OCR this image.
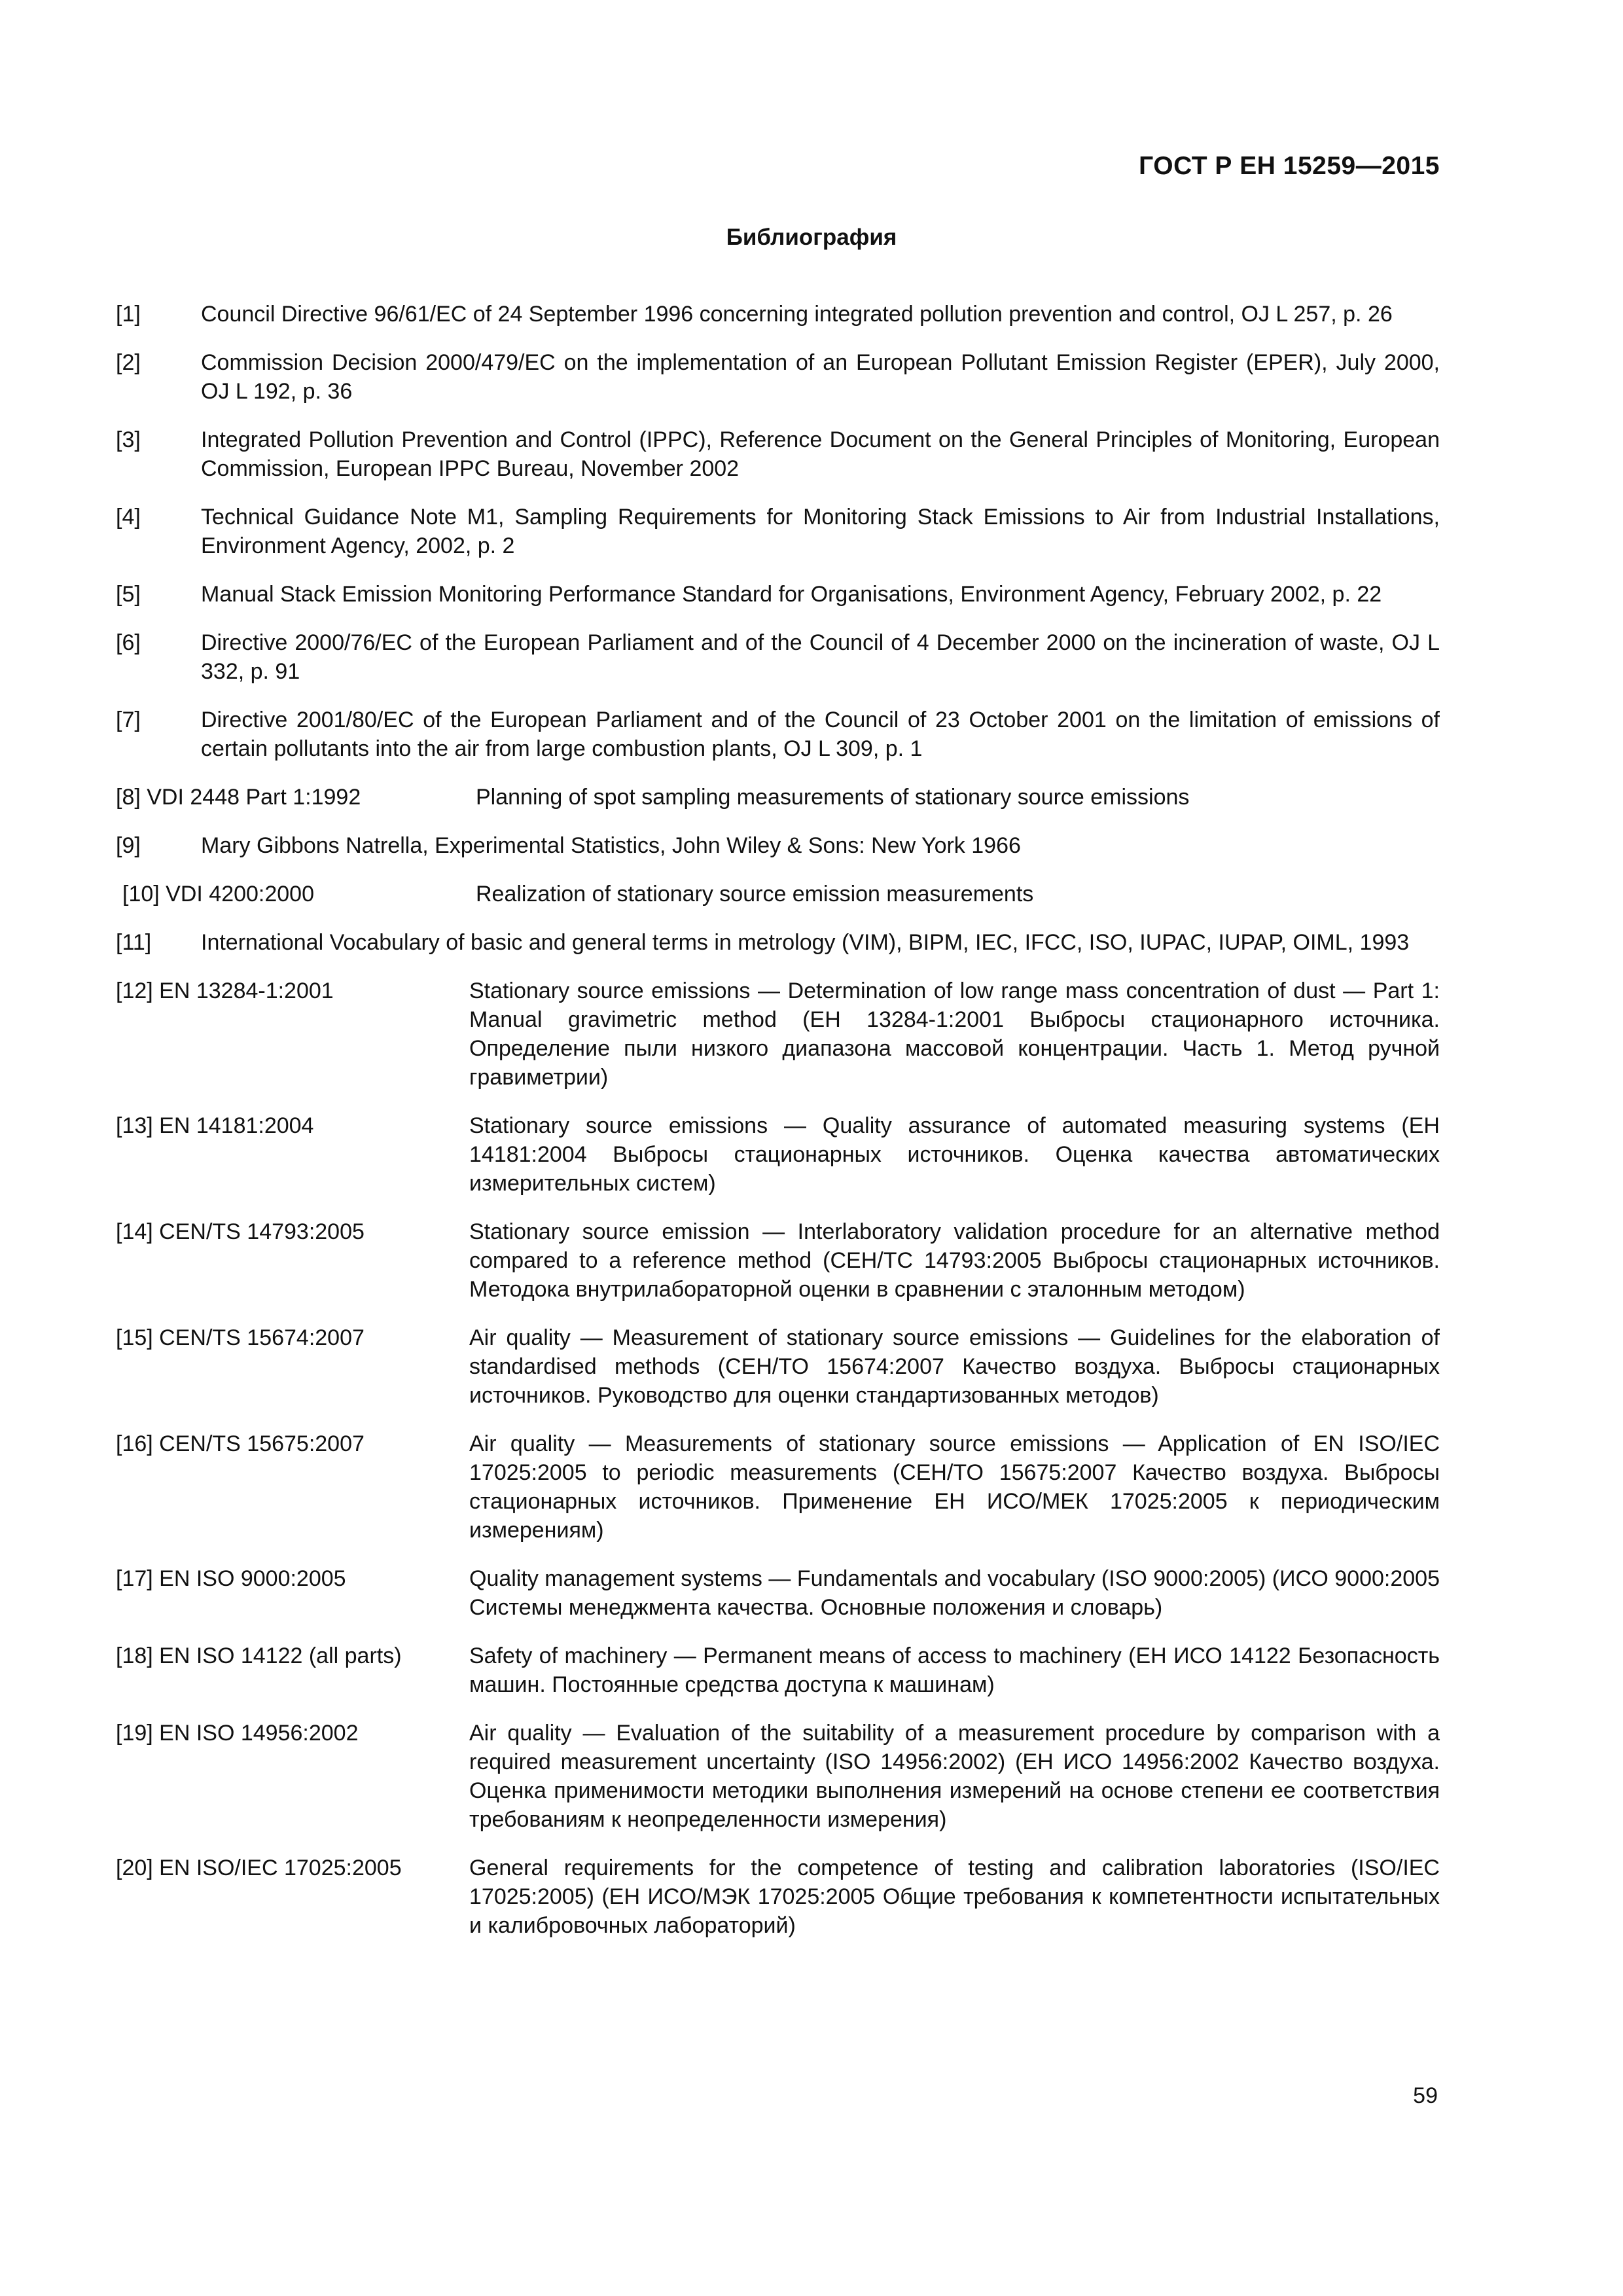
ГОСТ Р ЕН 15259—2015
Библиография
[1]	Council Directive 96/61/EC of 24 September 1996 concerning integrated pollution prevention and control, OJ L 257, p. 26
[2]	Commission Decision 2000/479/EC on the implementation of an European Pollutant Emission Register (EPER), July 2000, OJ L 192, p. 36
[3]	Integrated Pollution Prevention and Control (IPPC), Reference Document on the General Principles of Monitoring, European Commission, European IPPC Bureau, November 2002
[4]	Technical Guidance Note M1, Sampling Requirements for Monitoring Stack Emissions to Air from Industrial Installations, Environment Agency, 2002, p. 2
[5]	Manual Stack Emission Monitoring Performance Standard for Organisations, Environment Agency, February 2002, p. 22
[6]	Directive 2000/76/EC of the European Parliament and of the Council of 4 December 2000 on the incineration of waste, OJ L 332, p. 91
[7]	Directive 2001/80/EC of the European Parliament and of the Council of 23 October 2001 on the limitation of emissions of certain pollutants into the air from large combustion plants, OJ L 309, p. 1
[8] VDI 2448 Part 1:1992	Planning of spot sampling measurements of stationary source emissions
[9]	Mary Gibbons Natrella, Experimental Statistics, John Wiley & Sons: New York 1966
[10] VDI 4200:2000	Realization of stationary source emission measurements
[11]	International Vocabulary of basic and general terms in metrology (VIM), BIPM, IEC, IFCC, ISO, IUPAC, IUPAP, OIML, 1993
[12] EN 13284-1:2001	Stationary source emissions — Determination of low range mass concentration of dust — Part 1: Manual gravimetric method (ЕН 13284-1:2001 Выбросы стационарного источника. Определение пыли низкого диапазона массовой концентрации. Часть 1. Метод ручной гравиметрии)
[13] EN 14181:2004	Stationary source emissions — Quality assurance of automated measuring systems (ЕН 14181:2004 Выбросы стационарных источников. Оценка качества автоматических измерительных систем)
[14] CEN/TS 14793:2005	Stationary source emission — Interlaboratory validation procedure for an alternative method compared to a reference method (CEH/TC 14793:2005 Выбросы стационарных источников. Методока внутрилабораторной оценки в сравнении с эталонным методом)
[15] CEN/TS 15674:2007	Air quality — Measurement of stationary source emissions — Guidelines for the elaboration of standardised methods (CEH/TO 15674:2007 Качество воздуха. Выбросы стационарных источников. Руководство для оценки стандартизованных методов)
[16] CEN/TS 15675:2007	Air quality — Measurements of stationary source emissions — Application of EN ISO/IEC 17025:2005 to periodic measurements (CEH/TO 15675:2007 Качество воздуха. Выбросы стационарных источников. Применение ЕН ИСО/МЕК 17025:2005 к периодическим измерениям)
[17] EN ISO 9000:2005	Quality management systems — Fundamentals and vocabulary (ISO 9000:2005) (ИСО 9000:2005 Системы менеджмента качества. Основные положения и словарь)
[18] EN ISO 14122 (all parts)	Safety of machinery — Permanent means of access to machinery (ЕН ИСО 14122 Безопасность машин. Постоянные средства доступа к машинам)
[19] EN ISO 14956:2002	Air quality — Evaluation of the suitability of a measurement procedure by comparison with a required measurement uncertainty (ISO 14956:2002) (ЕН ИСО 14956:2002 Качество воздуха. Оценка применимости методики выполнения измерений на основе степени ее соответствия требованиям к неопределенности измерения)
[20] EN ISO/IEC 17025:2005	General requirements for the competence of testing and calibration laboratories (ISO/IEC 17025:2005) (ЕН ИСО/МЭК 17025:2005 Общие требования к компетентности испытательных и калибровочных лабораторий)
59
